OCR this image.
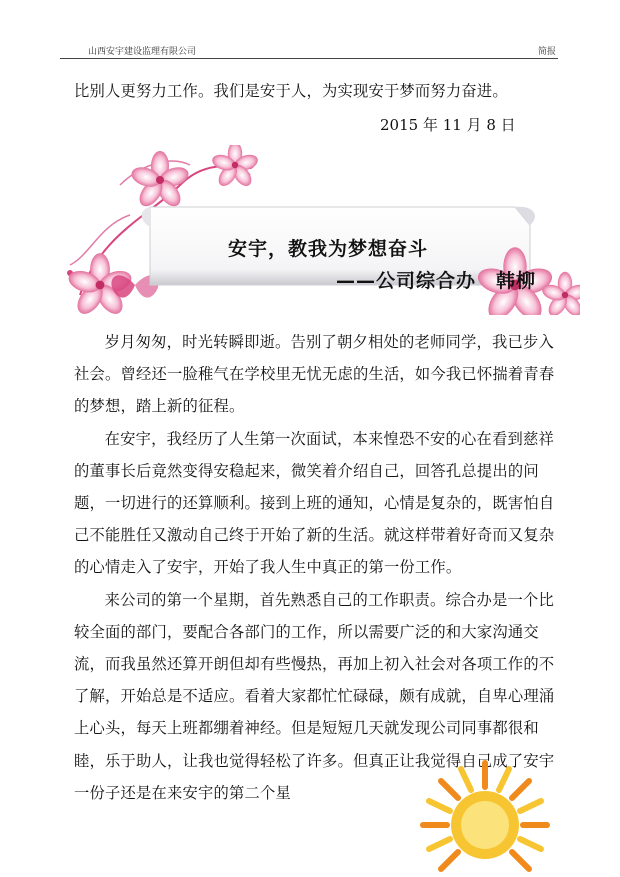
山西安宇建设监理有限公司	简报
比别人更努力工作。我们是安于人，为实现安于梦而努力奋进。
2015 年 11 月 8 日
安宇，教我为梦想奋斗
——公司综合办　韩柳

岁月匆匆，时光转瞬即逝。告别了朝夕相处的老师同学，我已步入社会。曾经还一脸稚气在学校里无忧无虑的生活，如今我已怀揣着青春的梦想，踏上新的征程。

在安宇，我经历了人生第一次面试，本来惶恐不安的心在看到慈祥的董事长后竟然变得安稳起来，微笑着介绍自己，回答孔总提出的问题，一切进行的还算顺利。接到上班的通知，心情是复杂的，既害怕自己不能胜任又激动自己终于开始了新的生活。就这样带着好奇而又复杂的心情走入了安宇，开始了我人生中真正的第一份工作。

来公司的第一个星期，首先熟悉自己的工作职责。综合办是一个比较全面的部门，要配合各部门的工作，所以需要广泛的和大家沟通交流，而我虽然还算开朗但却有些慢热，再加上初入社会对各项工作的不了解，开始总是不适应。看着大家都忙忙碌碌，颇有成就，自卑心理涌上心头，每天上班都绷着神经。但是短短几天就发现公司同事都很和睦，乐于助人，让我也觉得轻松了许多。但真正让我觉得自己成了安宇一份子还是在来安宇的第二个星
